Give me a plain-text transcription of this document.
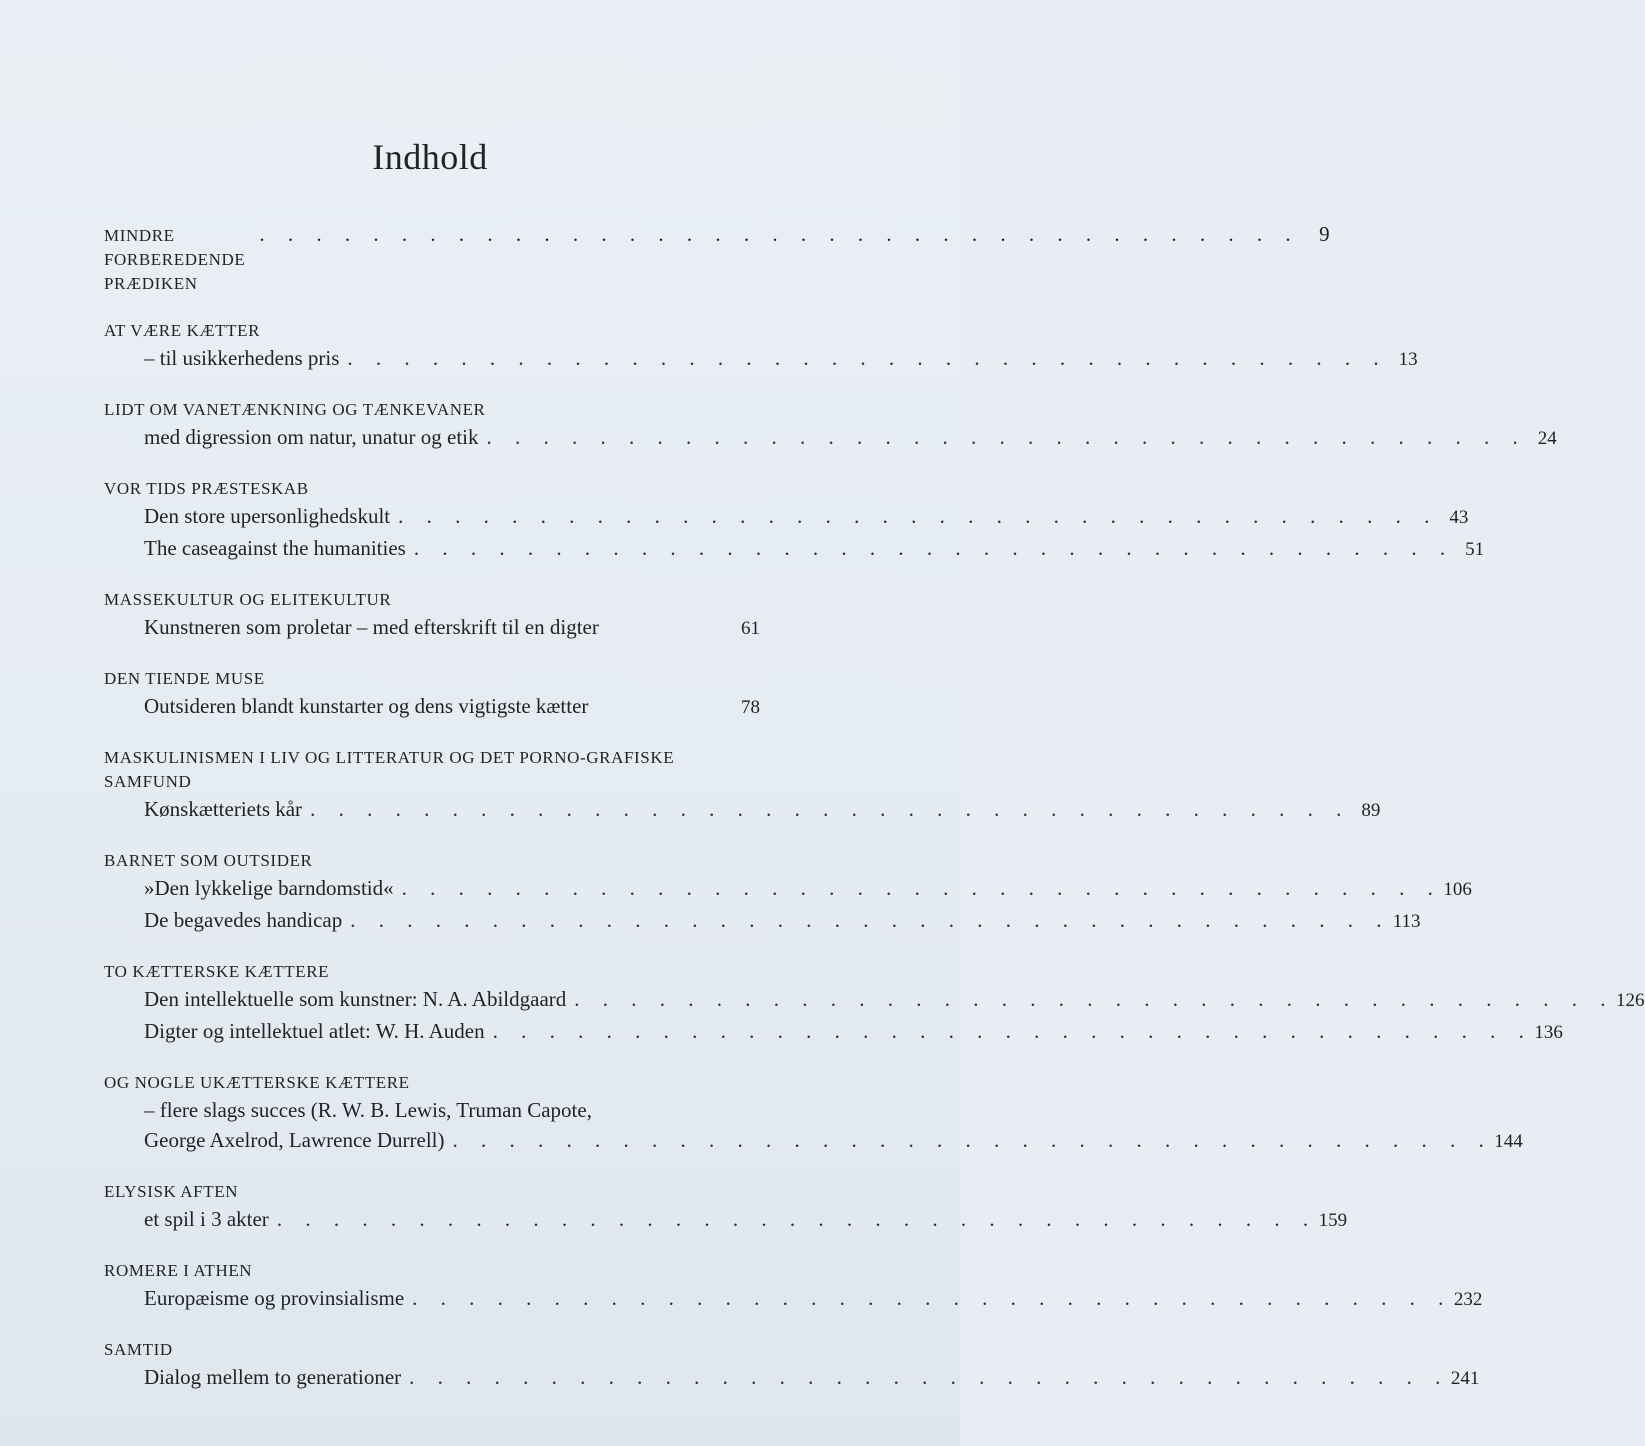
Indhold
MINDRE FORBEREDENDE PRÆDIKEN
. . . . . . . . . . . . . . . . . . . . . . . . . . . . . . . . . . . . . 9
AT VÆRE KÆTTER
– til usikkerhedens pris . . . . . . . . . . . . . . . . . . . . . . . . . . . . . . . . . . . . . 13
LIDT OM VANETÆNKNING OG TÆNKEVANER
med digression om natur, unatur og etik . . . . . . . . . . . . . . . . . . . . . . . . . . . . . . . . . . . . . 24
VOR TIDS PRÆSTESKAB
Den store upersonlighedskult . . . . . . . . . . . . . . . . . . . . . . . . . . . . . . . . . . . . . 43
The caseagainst the humanities . . . . . . . . . . . . . . . . . . . . . . . . . . . . . . . . . . . . . 51
MASSEKULTUR OG ELITEKULTUR
Kunstneren som proletar – med efterskrift til en digter	61
DEN TIENDE MUSE
Outsideren blandt kunstarter og dens vigtigste kætter	78
MASKULINISMEN I LIV OG LITTERATUR OG DET PORNO-GRAFISKE SAMFUND
Kønskætteriets kår . . . . . . . . . . . . . . . . . . . . . . . . . . . . . . . . . . . . . 89
BARNET SOM OUTSIDER
»Den lykkelige barndomstid« . . . . . . . . . . . . . . . . . . . . . . . . . . . . . . . . . . . . . 106
De begavedes handicap . . . . . . . . . . . . . . . . . . . . . . . . . . . . . . . . . . . . . 113
TO KÆTTERSKE KÆTTERE
Den intellektuelle som kunstner: N. A. Abildgaard . . . . . . . . . . . . . . . . . . . . . . . . . . . . . . . . . . . . . 126
Digter og intellektuel atlet: W. H. Auden . . . . . . . . . . . . . . . . . . . . . . . . . . . . . . . . . . . . . 136
OG NOGLE UKÆTTERSKE KÆTTERE
– flere slags succes (R. W. B. Lewis, Truman Capote,
George Axelrod, Lawrence Durrell) . . . . . . . . . . . . . . . . . . . . . . . . . . . . . . . . . . . . . 144
ELYSISK AFTEN
et spil i 3 akter . . . . . . . . . . . . . . . . . . . . . . . . . . . . . . . . . . . . . 159
ROMERE I ATHEN
Europæisme og provinsialisme . . . . . . . . . . . . . . . . . . . . . . . . . . . . . . . . . . . . . 232
SAMTID
Dialog mellem to generationer . . . . . . . . . . . . . . . . . . . . . . . . . . . . . . . . . . . . . 241
